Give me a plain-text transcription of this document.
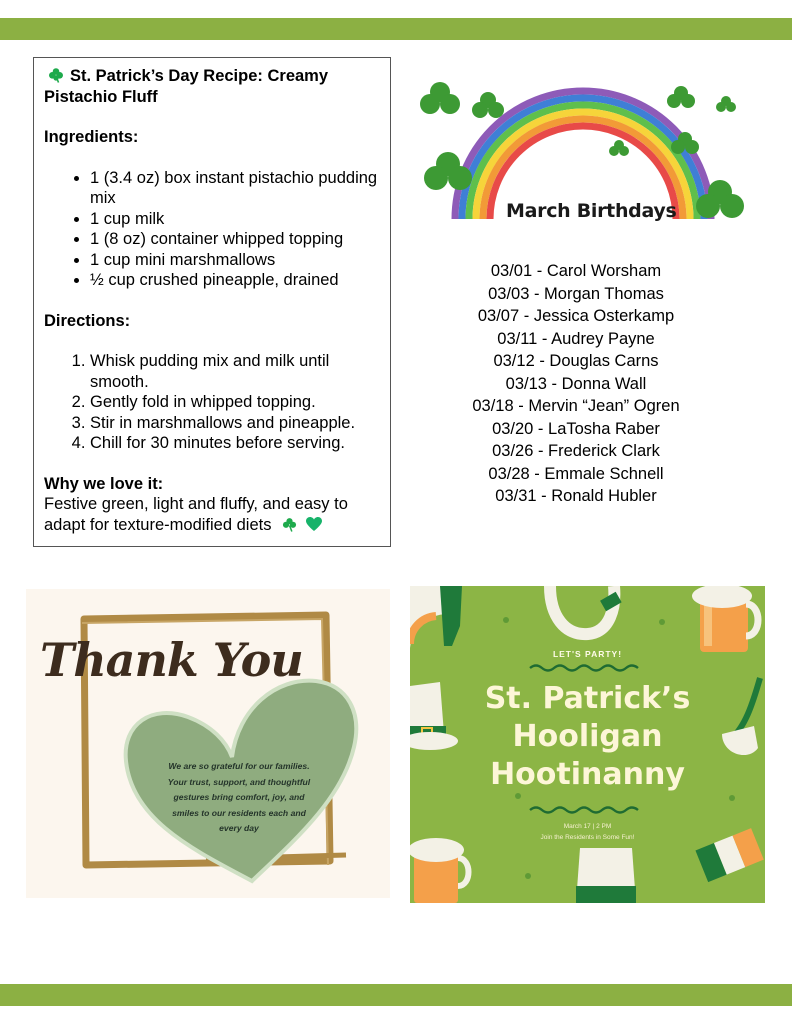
St. Patrick’s Day Recipe: Creamy Pistachio Fluff
Ingredients:
• 1 (3.4 oz) box instant pistachio pudding mix
• 1 cup milk
• 1 (8 oz) container whipped topping
• 1 cup mini marshmallows
• ½ cup crushed pineapple, drained
Directions:
1. Whisk pudding mix and milk until smooth.
2. Gently fold in whipped topping.
3. Stir in marshmallows and pineapple.
4. Chill for 30 minutes before serving.
Why we love it:

Festive green, light and fluffy, and easy to adapt for texture-modified diets

March Birthdays
03/01 - Carol Worsham
03/03 - Morgan Thomas
03/07 - Jessica Osterkamp
03/11 - Audrey Payne
03/12 - Douglas Carns
03/13 - Donna Wall
03/18 - Mervin “Jean” Ogren
03/20 - LaTosha Raber
03/26 - Frederick Clark
03/28 - Emmale Schnell
03/31 - Ronald Hubler
Thank You
We are so grateful for our families. Your trust, support, and thoughtful gestures bring comfort, joy, and smiles to our residents each and every day
LET'S PARTY!
St. Patrick’s
Hooligan
Hootinanny
March 17 | 2 PM
Join the Residents in Some Fun!
